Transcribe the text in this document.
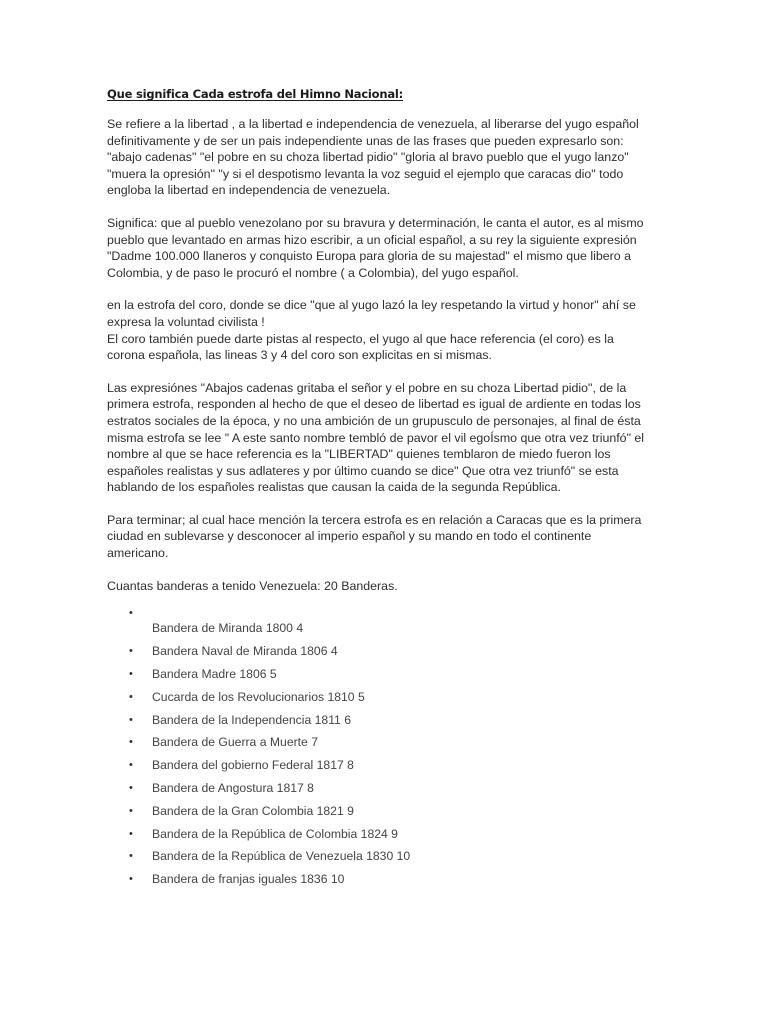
Que significa Cada estrofa del Himno Nacional:
Se refiere a la libertad , a la libertad e independencia de venezuela, al liberarse del yugo español
definitivamente y de ser un pais independiente unas de las frases que pueden expresarlo son:
"abajo cadenas" "el pobre en su choza libertad pidio" "gloria al bravo pueblo que el yugo lanzo"
"muera la opresión" "y si el despotismo levanta la voz seguid el ejemplo que caracas dio" todo
engloba la libertad en independencia de venezuela.
Significa: que al pueblo venezolano por su bravura y determinación, le canta el autor, es al mismo
pueblo que levantado en armas hizo escribir, a un oficial español, a su rey la siguiente expresión
"Dadme 100.000 llaneros y conquisto Europa para gloria de su majestad" el mismo que libero a
Colombia, y de paso le procuró el nombre ( a Colombia), del yugo español.
en la estrofa del coro, donde se dice "que al yugo lazó la ley respetando la virtud y honor" ahí se
expresa la voluntad civilista !
El coro también puede darte pistas al respecto, el yugo al que hace referencia (el coro) es la
corona española, las lineas 3 y 4 del coro son explicitas en si mismas.
Las expresiónes "Abajos cadenas gritaba el señor y el pobre en su choza Libertad pidio", de la
primera estrofa, responden al hecho de que el deseo de libertad es igual de ardiente en todas los
estratos sociales de la época, y no una ambición de un grupusculo de personajes, al final de ésta
misma estrofa se lee " A este santo nombre tembló de pavor el vil egoÍsmo que otra vez triunfó" el
nombre al que se hace referencia es la "LIBERTAD" quienes temblaron de miedo fueron los
españoles realistas y sus adlateres y por último cuando se dice" Que otra vez triunfó" se esta
hablando de los españoles realistas que causan la caida de la segunda República.
Para terminar; al cual hace mención la tercera estrofa es en relación a Caracas que es la primera
ciudad en sublevarse y desconocer al imperio español y su mando en todo el continente
americano.
Cuantas banderas a tenido Venezuela: 20 Banderas.
•
Bandera de Miranda 1800 4
• Bandera Naval de Miranda 1806 4
• Bandera Madre 1806 5
• Cucarda de los Revolucionarios 1810 5
• Bandera de la Independencia 1811 6
• Bandera de Guerra a Muerte 7
• Bandera del gobierno Federal 1817 8
• Bandera de Angostura 1817 8
• Bandera de la Gran Colombia 1821 9
• Bandera de la República de Colombia 1824 9
• Bandera de la República de Venezuela 1830 10
• Bandera de franjas iguales 1836 10
